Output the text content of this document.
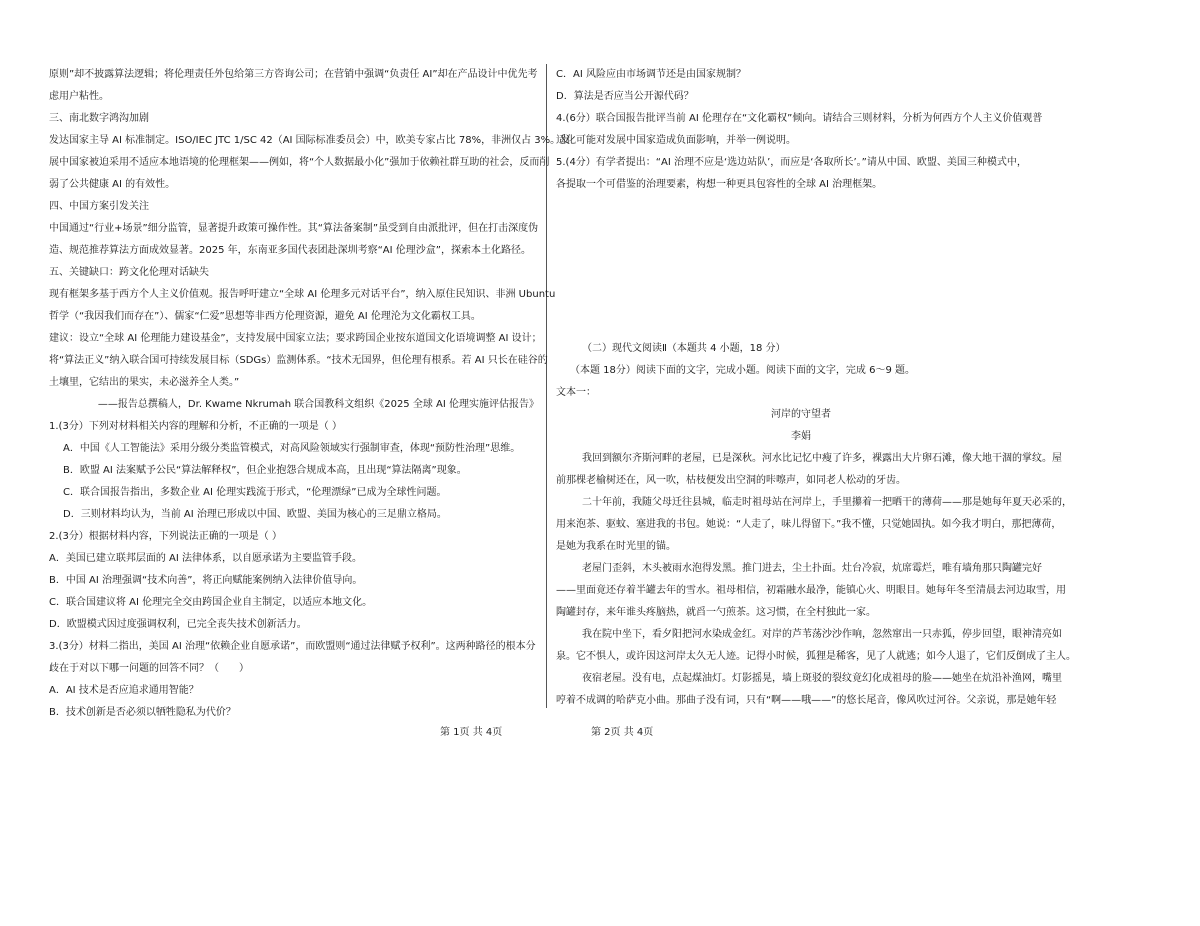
原则”却不披露算法逻辑；将伦理责任外包给第三方咨询公司；在营销中强调“负责任 AI”却在产品设计中优先考

虑用户粘性。

三、南北数字鸿沟加剧

发达国家主导 AI 标准制定。ISO/IEC JTC 1/SC 42（AI 国际标准委员会）中，欧美专家占比 78%，非洲仅占 3%。发

展中国家被迫采用不适应本地语境的伦理框架——例如，将“个人数据最小化”强加于依赖社群互助的社会，反而削

弱了公共健康 AI 的有效性。

四、中国方案引发关注

中国通过“行业+场景”细分监管，显著提升政策可操作性。其“算法备案制”虽受到自由派批评，但在打击深度伪

造、规范推荐算法方面成效显著。2025 年，东南亚多国代表团赴深圳考察“AI 伦理沙盒”，探索本土化路径。

五、关键缺口：跨文化伦理对话缺失

现有框架多基于西方个人主义价值观。报告呼吁建立“全球 AI 伦理多元对话平台”，纳入原住民知识、非洲 Ubuntu

哲学（“我因我们而存在”）、儒家“仁爱”思想等非西方伦理资源，避免 AI 伦理沦为文化霸权工具。

建议：设立“全球 AI 伦理能力建设基金”，支持发展中国家立法；要求跨国企业按东道国文化语境调整 AI 设计；

将“算法正义”纳入联合国可持续发展目标（SDGs）监测体系。“技术无国界，但伦理有根系。若 AI 只长在硅谷的

土壤里，它结出的果实，未必滋养全人类。”

——报告总撰稿人，Dr. Kwame Nkrumah 联合国教科文组织《2025 全球 AI 伦理实施评估报告》

1.(3分）下列对材料相关内容的理解和分析，不正确的一项是（ ）

A．中国《人工智能法》采用分级分类监管模式，对高风险领域实行强制审查，体现“预防性治理”思维。

B．欧盟 AI 法案赋予公民“算法解释权”，但企业抱怨合规成本高，且出现“算法隔离”现象。

C．联合国报告指出，多数企业 AI 伦理实践流于形式，“伦理漂绿”已成为全球性问题。

D．三则材料均认为，当前 AI 治理已形成以中国、欧盟、美国为核心的三足鼎立格局。

2.(3分）根据材料内容，下列说法正确的一项是（ ）

A．美国已建立联邦层面的 AI 法律体系，以自愿承诺为主要监管手段。

B．中国 AI 治理强调“技术向善”，将正向赋能案例纳入法律价值导向。

C．联合国建议将 AI 伦理完全交由跨国企业自主制定，以适应本地文化。

D．欧盟模式因过度强调权利，已完全丧失技术创新活力。

3.(3分）材料二指出，美国 AI 治理“依赖企业自愿承诺”，而欧盟则“通过法律赋予权利”。这两种路径的根本分

歧在于对以下哪一问题的回答不同？（　　）

A．AI 技术是否应追求通用智能？

B．技术创新是否必须以牺牲隐私为代价？

C．AI 风险应由市场调节还是由国家规制？

D．算法是否应当公开源代码？

4.(6分）联合国报告批评当前 AI 伦理存在“文化霸权”倾向。请结合三则材料，分析为何西方个人主义价值观普

适化可能对发展中国家造成负面影响，并举一例说明。

5.(4分）有学者提出：“AI 治理不应是‘选边站队’，而应是‘各取所长’。”请从中国、欧盟、美国三种模式中，

各提取一个可借鉴的治理要素，构想一种更具包容性的全球 AI 治理框架。

（二）现代文阅读Ⅱ（本题共 4 小题，18 分）

（本题 18分）阅读下面的文字，完成小题。阅读下面的文字，完成 6～9 题。

文本一：

河岸的守望者

李娟

我回到额尔齐斯河畔的老屋，已是深秋。河水比记忆中瘦了许多，裸露出大片卵石滩，像大地干涸的掌纹。屋

前那棵老榆树还在，风一吹，枯枝便发出空洞的咔嚓声，如同老人松动的牙齿。

二十年前，我随父母迁往县城，临走时祖母站在河岸上，手里攥着一把晒干的薄荷——那是她每年夏天必采的，

用来泡茶、驱蚊、塞进我的书包。她说：“人走了，味儿得留下。”我不懂，只觉她固执。如今我才明白，那把薄荷，

是她为我系在时光里的锚。

老屋门歪斜，木头被雨水泡得发黑。推门进去，尘土扑面。灶台冷寂，炕席霉烂，唯有墙角那只陶罐完好

——里面竟还存着半罐去年的雪水。祖母相信，初霜融水最净，能镇心火、明眼目。她每年冬至清晨去河边取雪，用

陶罐封存，来年谁头疼脑热，就舀一勺煎茶。这习惯，在全村独此一家。

我在院中坐下，看夕阳把河水染成金红。对岸的芦苇荡沙沙作响，忽然窜出一只赤狐，停步回望，眼神清亮如

泉。它不惧人，或许因这河岸太久无人迹。记得小时候，狐狸是稀客，见了人就逃；如今人退了，它们反倒成了主人。

夜宿老屋。没有电，点起煤油灯。灯影摇晃，墙上斑驳的裂纹竟幻化成祖母的脸——她坐在炕沿补渔网，嘴里

哼着不成调的哈萨克小曲。那曲子没有词，只有“啊——哦——”的悠长尾音，像风吹过河谷。父亲说，那是她年轻

第 1页 共 4页	第 2页 共 4页
